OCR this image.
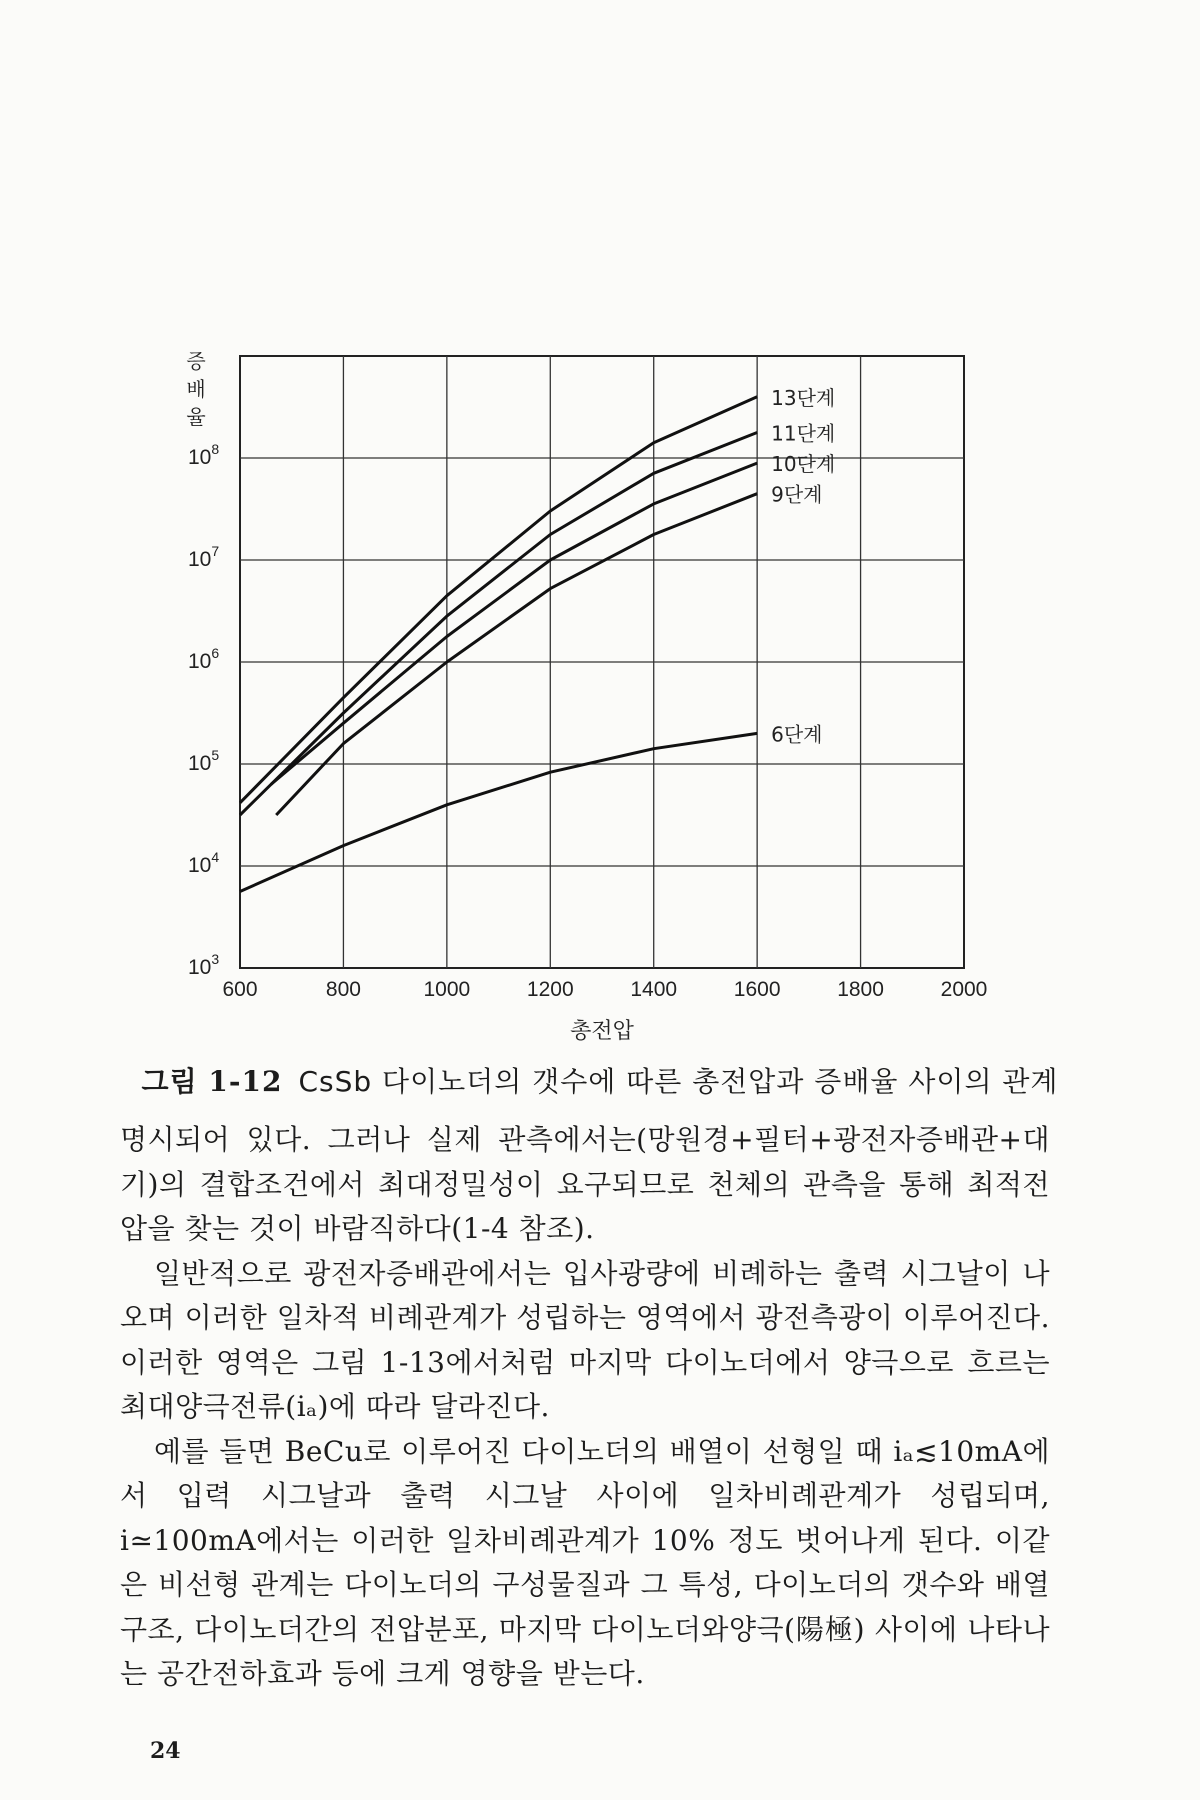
600	800	1000	1200	1400	1600	1800	2000
$10^3$
$10^4$
$10^5$
$10^6$
$10^7$
$10^8$
증
배
율
총전압
13단계
11단계
10단계
9단계
6단계
그림 1-12 CsSb 다이노더의 갯수에 따른 총전압과 증배율 사이의 관계

명시되어 있다. 그러나 실제 관측에서는(망원경+필터+광전자증배관+대기)의 결합조건에서 최대정밀성이 요구되므로 천체의 관측을 통해 최적전압을 찾는 것이 바람직하다(1-4 참조).

일반적으로 광전자증배관에서는 입사광량에 비례하는 출력 시그날이 나오며 이러한 일차적 비례관계가 성립하는 영역에서 광전측광이 이루어진다. 이러한 영역은 그림 1-13에서처럼 마지막 다이노더에서 양극으로 흐르는 최대양극전류(iₐ)에 따라 달라진다.

예를 들면 BeCu로 이루어진 다이노더의 배열이 선형일 때 iₐ≲10mA에서 입력 시그날과 출력 시그날 사이에 일차비례관계가 성립되며, i≃100mA에서는 이러한 일차비례관계가 10% 정도 벗어나게 된다. 이같은 비선형 관계는 다이노더의 구성물질과 그 특성, 다이노더의 갯수와 배열구조, 다이노더간의 전압분포, 마지막 다이노더와양극(陽極) 사이에 나타나는 공간전하효과 등에 크게 영향을 받는다.

24
